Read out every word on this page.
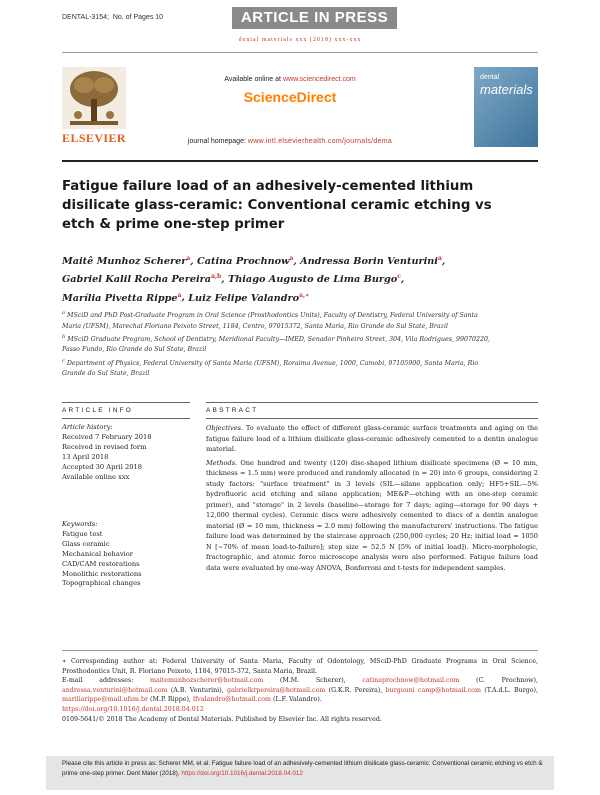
DENTAL-3154; No. of Pages 10	ARTICLE IN PRESS
dental materials xxx (2018) xxx-xxx
ELSEVIER
Available online at www.sciencedirect.com
ScienceDirect
journal homepage: www.intl.elsevierhealth.com/journals/dema
dental
materials
Fatigue failure load of an adhesively-cemented lithium disilicate glass-ceramic: Conventional ceramic etching vs etch & prime one-step primer
Maitê Munhoz Scherer$^a$, Catina Prochnow$^a$, Andressa Borin Venturini$^a$,
Gabriel Kalil Rocha Pereira$^{a,b}$, Thiago Augusto de Lima Burgo$^c$,
Marília Pivetta Rippe$^a$, Luiz Felipe Valandro$^{a,∗}$
$^a$ MSciD and PhD Post-Graduate Program in Oral Science (Prosthodontics Units), Faculty of Dentistry, Federal University of Santa Maria (UFSM), Marechal Floriano Peixoto Street, 1184, Centro, 97015372, Santa Maria, Rio Grande do Sul State, Brazil
$^b$ MSciD Graduate Program, School of Dentistry, Meridional Faculty—IMED, Senador Pinheiro Street, 304, Vila Rodrigues, 99070220, Passo Fundo, Rio Grande do Sul State, Brazil
$^c$ Department of Physics, Federal University of Santa Maria (UFSM), Roraima Avenue, 1000, Camobi, 97105900, Santa Maria, Rio Grande do Sul State, Brazil
ARTICLE INFO	ABSTRACT
Article history:
Received 7 February 2018
Received in revised form
13 April 2018
Accepted 30 April 2018
Available online xxx
Keywords:
Fatigue test
Glass ceramic
Mechanical behavior
CAD/CAM restorations
Monolithic restorations
Topographical changes

Objectives. To evaluate the effect of different glass-ceramic surface treatments and aging on the fatigue failure load of a lithium disilicate glass-ceramic adhesively cemented to a dentin analogue material.

Methods. One hundred and twenty (120) disc-shaped lithium disilicate specimens (Ø = 10 mm, thickness = 1.5 mm) were produced and randomly allocated (n = 20) into 6 groups, considering 2 study factors: "surface treatment" in 3 levels (SIL—silane application only; HF5+SIL—5% hydrofluoric acid etching and silane application; ME&P—etching with an one-step ceramic primer), and "storage" in 2 levels (baseline—storage for 7 days; aging—storage for 90 days + 12,000 thermal cycles). Ceramic discs were adhesively cemented to discs of a dentin analogue material (Ø = 10 mm, thickness = 2.0 mm) following the manufacturers' instructions. The fatigue failure load was determined by the staircase approach (250,000 cycles; 20 Hz; initial load = 1050 N [~70% of mean load-to-failure]; step size = 52.5 N [5% of initial load]). Micro-morphologic, fractographic, and atomic force microscope analysis were also performed. Fatigue failure load data were evaluated by one-way ANOVA, Bonferroni and t-tests for independent samples.

∗ Corresponding author at: Federal University of Santa Maria, Faculty of Odontology, MSciD-PhD Graduate Programs in Oral Science, Prosthodontics Unit, R. Floriano Peixoto, 1184, 97015-372, Santa Maria, Brazil.

E-mail addresses:	maitemunhozscherer@hotmail.com	(M.M. Scherer),	catinaprochnow@hotmail.com	(C. Prochnow), andressa.venturini@hotmail.com (A.B. Venturini), gabrielkrpereira@hotmail.com (G.K.R. Pereira), burgouni camp@hotmail.com (T.A.d.L. Burgo), mariliarippe@mail.ufsm.br (M.P. Rippe), lfvalandro@hotmail.com (L.F. Valandro).

https://doi.org/10.1016/j.dental.2018.04.012

0109-5641/© 2018 The Academy of Dental Materials. Published by Elsevier Inc. All rights reserved.

Please cite this article in press as: Scherer MM, et al. Fatigue failure load of an adhesively-cemented lithium disilicate glass-ceramic: Conventional ceramic etching vs etch & prime one-step primer. Dent Mater (2018), https://doi.org/10.1016/j.dental.2018.04.012
